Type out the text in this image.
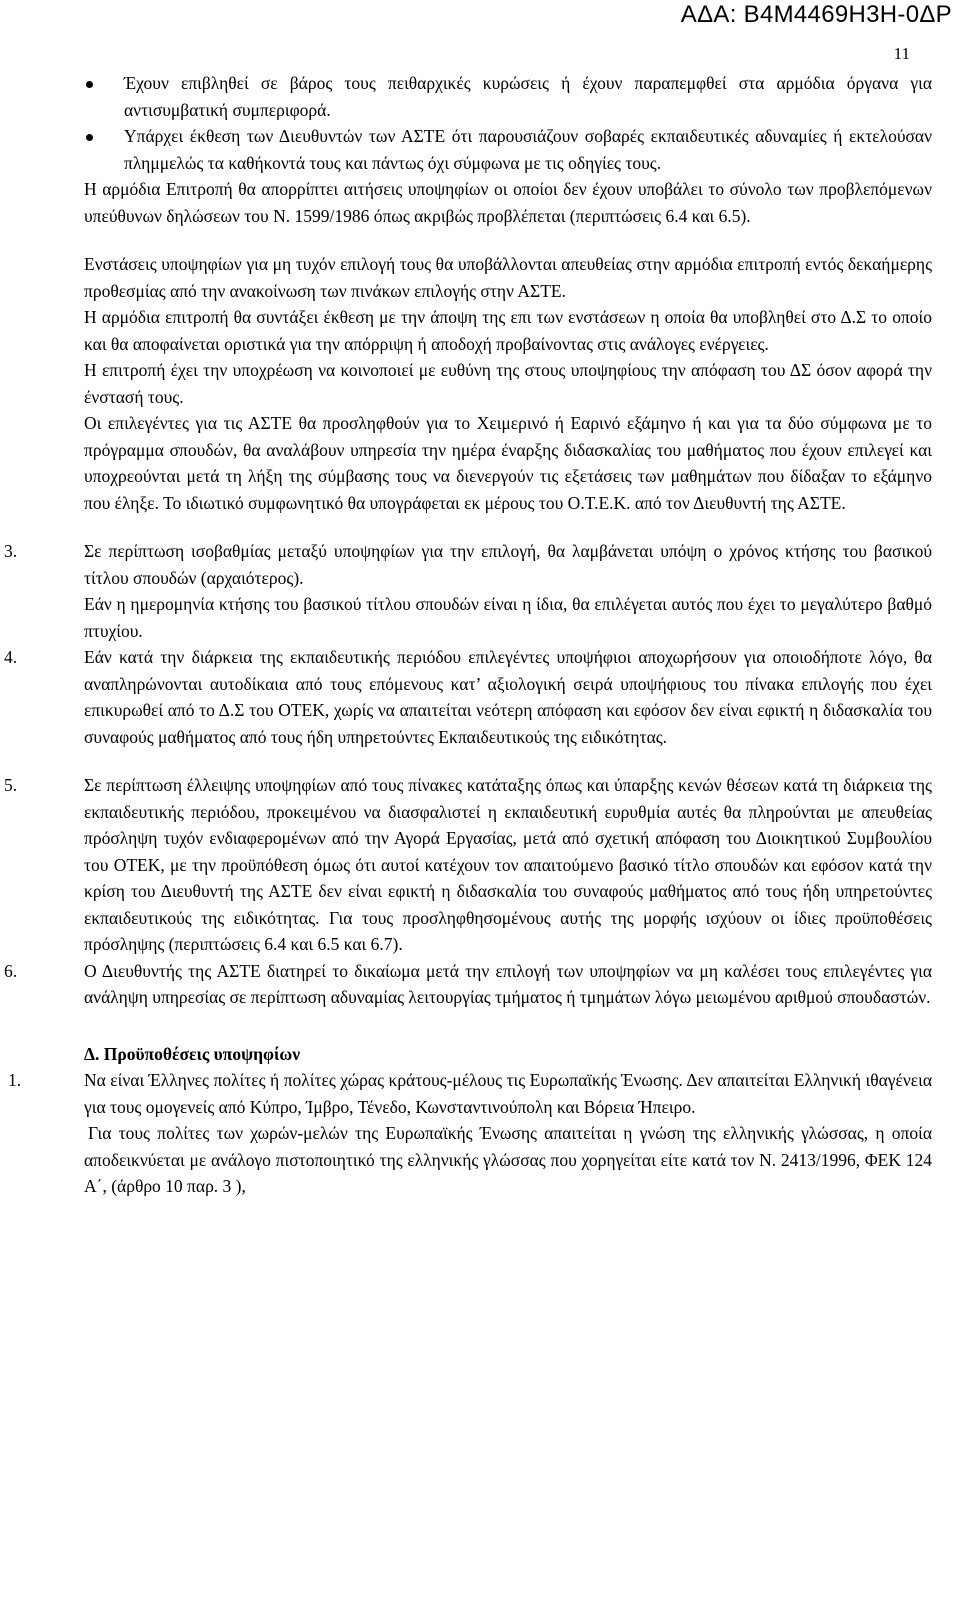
ΑΔΑ: Β4Μ4469Η3Η-0ΔΡ
11

Έχουν επιβληθεί σε βάρος τους πειθαρχικές κυρώσεις ή έχουν παραπεμφθεί στα αρμόδια όργανα για αντισυμβατική συμπεριφορά.

Υπάρχει έκθεση των Διευθυντών των ΑΣΤΕ ότι παρουσιάζουν σοβαρές εκπαιδευτικές αδυναμίες ή εκτελούσαν πλημμελώς τα καθήκοντά τους και πάντως όχι σύμφωνα με τις οδηγίες τους.

Η αρμόδια Επιτροπή θα απορρίπτει αιτήσεις υποψηφίων οι οποίοι δεν έχουν υποβάλει το σύνολο των προβλεπόμενων υπεύθυνων δηλώσεων του Ν. 1599/1986 όπως ακριβώς προβλέπεται (περιπτώσεις 6.4 και 6.5).

Ενστάσεις υποψηφίων για μη τυχόν επιλογή τους θα υποβάλλονται απευθείας στην αρμόδια επιτροπή εντός δεκαήμερης προθεσμίας από την ανακοίνωση των πινάκων επιλογής στην ΑΣΤΕ.

Η αρμόδια επιτροπή θα συντάξει έκθεση με την άποψη της επι των ενστάσεων η οποία θα υποβληθεί στο Δ.Σ το οποίο και θα αποφαίνεται οριστικά για την απόρριψη ή αποδοχή προβαίνοντας στις ανάλογες ενέργειες.

Η επιτροπή έχει την υποχρέωση να κοινοποιεί με ευθύνη της στους υποψηφίους την απόφαση του ΔΣ όσον αφορά την ένστασή τους.

Οι επιλεγέντες για τις ΑΣΤΕ θα προσληφθούν για το Χειμερινό ή Εαρινό εξάμηνο ή και για τα δύο σύμφωνα με το πρόγραμμα σπουδών, θα αναλάβουν υπηρεσία την ημέρα έναρξης διδασκαλίας του μαθήματος που έχουν επιλεγεί και υποχρεούνται μετά τη λήξη της σύμβασης τους να διενεργούν τις εξετάσεις των μαθημάτων που δίδαξαν το εξάμηνο που έληξε. Το ιδιωτικό συμφωνητικό θα υπογράφεται εκ μέρους του Ο.Τ.Ε.Κ. από τον Διευθυντή της ΑΣΤΕ.

3.	Σε περίπτωση ισοβαθμίας μεταξύ υποψηφίων για την επιλογή, θα λαμβάνεται υπόψη ο χρόνος κτήσης του βασικού τίτλου σπουδών (αρχαιότερος).

Εάν η ημερομηνία κτήσης του βασικού τίτλου σπουδών είναι η ίδια, θα επιλέγεται αυτός που έχει το μεγαλύτερο βαθμό πτυχίου.

4.	Εάν κατά την διάρκεια της εκπαιδευτικής περιόδου επιλεγέντες υποψήφιοι αποχωρήσουν για οποιοδήποτε λόγο, θα αναπληρώνονται αυτοδίκαια από τους επόμενους κατ’ αξιολογική σειρά υποψήφιους του πίνακα επιλογής που έχει επικυρωθεί από το Δ.Σ του ΟΤΕΚ, χωρίς να απαιτείται νεότερη απόφαση και εφόσον δεν είναι εφικτή η διδασκαλία του συναφούς μαθήματος από τους ήδη υπηρετούντες Εκπαιδευτικούς της ειδικότητας.

5.	Σε περίπτωση έλλειψης υποψηφίων από τους πίνακες κατάταξης όπως και ύπαρξης κενών θέσεων κατά τη διάρκεια της εκπαιδευτικής περιόδου, προκειμένου να διασφαλιστεί η εκπαιδευτική ευρυθμία αυτές θα πληρούνται με απευθείας πρόσληψη τυχόν ενδιαφερομένων από την Αγορά Εργασίας, μετά από σχετική απόφαση του Διοικητικού Συμβουλίου του ΟΤΕΚ, με την προϋπόθεση όμως ότι αυτοί κατέχουν τον απαιτούμενο βασικό τίτλο σπουδών και εφόσον κατά την κρίση του Διευθυντή της ΑΣΤΕ δεν είναι εφικτή η διδασκαλία του συναφούς μαθήματος από τους ήδη υπηρετούντες εκπαιδευτικούς της ειδικότητας. Για τους προσληφθησομένους αυτής της μορφής ισχύουν οι ίδιες προϋποθέσεις πρόσληψης (περιπτώσεις 6.4 και 6.5 και 6.7).

6.	Ο Διευθυντής της ΑΣΤΕ διατηρεί το δικαίωμα μετά την επιλογή των υποψηφίων να μη καλέσει τους επιλεγέντες για ανάληψη υπηρεσίας σε περίπτωση αδυναμίας λειτουργίας τμήματος ή τμημάτων λόγω μειωμένου αριθμού σπουδαστών.

Δ. Προϋποθέσεις υποψηφίων

1.	Να είναι Έλληνες πολίτες ή πολίτες χώρας κράτους-μέλους τις Ευρωπαϊκής Ένωσης. Δεν απαιτείται Ελληνική ιθαγένεια για τους ομογενείς από Κύπρο, Ίμβρο, Τένεδο, Κωνσταντινούπολη και Βόρεια Ήπειρο.

Για τους πολίτες των χωρών-μελών της Ευρωπαϊκής Ένωσης απαιτείται η γνώση της ελληνικής γλώσσας, η οποία αποδεικνύεται με ανάλογο πιστοποιητικό της ελληνικής γλώσσας που χορηγείται είτε κατά τον Ν. 2413/1996, ΦΕΚ 124 Α΄, (άρθρο 10 παρ. 3 ),
